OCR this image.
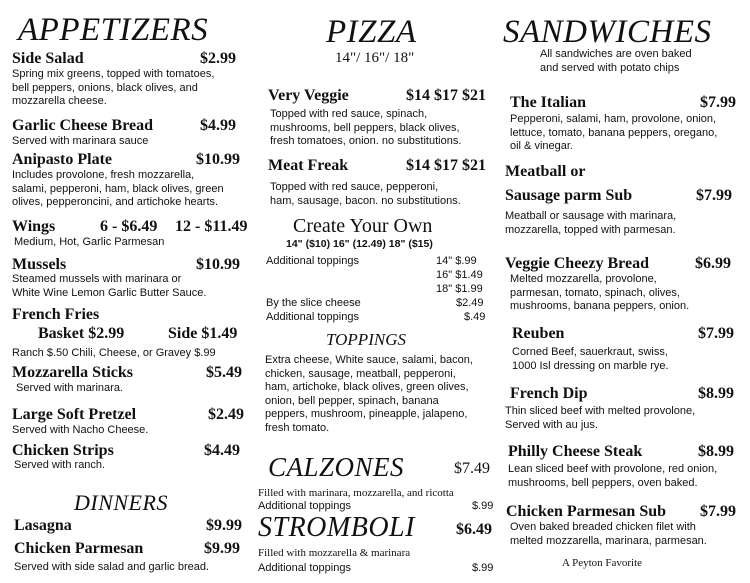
APPETIZERS
Side Salad	$2.99
Spring mix greens, topped with tomatoes,
bell peppers, onions, black olives, and
mozzarella cheese.
Garlic Cheese Bread	$4.99
Served with marinara sauce
Anipasto Plate	$10.99
Includes provolone, fresh mozzarella,
salami, pepperoni, ham, black olives, green
olives, pepperoncini, and artichoke hearts.
Wings	6 - $6.49 12 - $11.49
Medium, Hot, Garlic Parmesan
Mussels	$10.99
Steamed mussels with marinara or
White Wine Lemon Garlic Butter Sauce.
French Fries
Basket $2.99	Side $1.49
Ranch $.50 Chili, Cheese, or Gravey $.99
Mozzarella Sticks	$5.49
Served with marinara.
Large Soft Pretzel	$2.49
Served with Nacho Cheese.
Chicken Strips	$4.49
Served with ranch.
DINNERS
Lasagna	$9.99
Chicken Parmesan	$9.99
Served with side salad and garlic bread.
PIZZA
14"/ 16"/ 18"
Very Veggie	$14 $17 $21
Topped with red sauce, spinach,
mushrooms, bell peppers, black olives,
fresh tomatoes, onion. no substitutions.
Meat Freak	$14 $17 $21
Topped with red sauce, pepperoni,
ham, sausage, bacon. no substitutions.
Create Your Own
14" ($10) 16" (12.49) 18" ($15)
Additional toppings	14" $.99
16" $1.49
18" $1.99
By the slice cheese	$2.49
Additional toppings	$.49
TOPPINGS
Extra cheese, White sauce, salami, bacon,
chicken, sausage, meatball, pepperoni,
ham, artichoke, black olives, green olives,
onion, bell pepper, spinach, banana
peppers, mushroom, pineapple, jalapeno,
fresh tomato.
CALZONES	$7.49
Filled with marinara, mozzarella, and ricotta
Additional toppings	$.99
STROMBOLI	$6.49
Filled with mozzarella & marinara
Additional toppings	$.99
SANDWICHES
All sandwiches are oven baked
and served with potato chips
The Italian	$7.99
Pepperoni, salami, ham, provolone, onion,
lettuce, tomato, banana peppers, oregano,
oil & vinegar.
Meatball or
Sausage parm Sub	$7.99
Meatball or sausage with marinara,
mozzarella, topped with parmesan.
Veggie Cheezy Bread	$6.99
Melted mozzarella, provolone,
parmesan, tomato, spinach, olives,
mushrooms, banana peppers, onion.
Reuben	$7.99
Corned Beef, sauerkraut, swiss,
1000 Isl dressing on marble rye.
French Dip	$8.99
Thin sliced beef with melted provolone,
Served with au jus.
Philly Cheese Steak	$8.99
Lean sliced beef with provolone, red onion,
mushrooms, bell peppers, oven baked.
Chicken Parmesan Sub $7.99
Oven baked breaded chicken filet with
melted mozzarella, marinara, parmesan.
A Peyton Favorite
